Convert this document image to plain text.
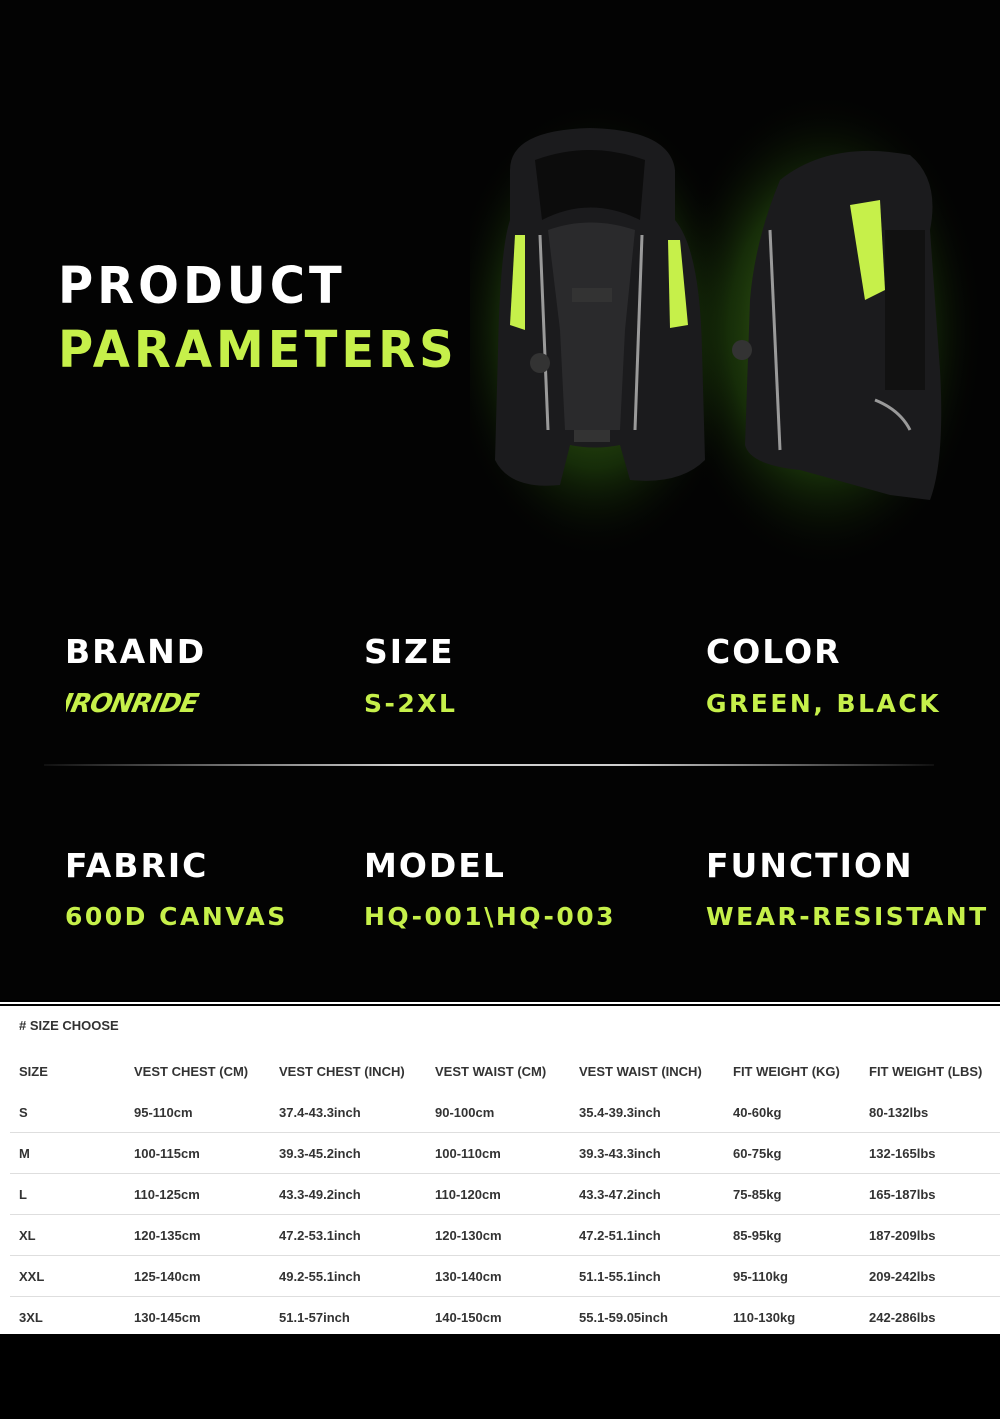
PRODUCT
PARAMETERS
BRAND
IRONRIDE
SIZE
S-2XL
COLOR
GREEN, BLACK
FABRIC
600D CANVAS
MODEL
HQ-001\HQ-003
FUNCTION
WEAR-RESISTANT
# SIZE CHOOSE
SIZE	VEST CHEST (CM)	VEST CHEST (INCH)	VEST WAIST (CM)	VEST WAIST (INCH)	FIT WEIGHT (KG)	FIT WEIGHT (LBS)
S	95-110cm	37.4-43.3inch	90-100cm	35.4-39.3inch	40-60kg	80-132lbs
M	100-115cm	39.3-45.2inch	100-110cm	39.3-43.3inch	60-75kg	132-165lbs
L	110-125cm	43.3-49.2inch	110-120cm	43.3-47.2inch	75-85kg	165-187lbs
XL	120-135cm	47.2-53.1inch	120-130cm	47.2-51.1inch	85-95kg	187-209lbs
XXL	125-140cm	49.2-55.1inch	130-140cm	51.1-55.1inch	95-110kg	209-242lbs
3XL	130-145cm	51.1-57inch	140-150cm	55.1-59.05inch	110-130kg	242-286lbs
